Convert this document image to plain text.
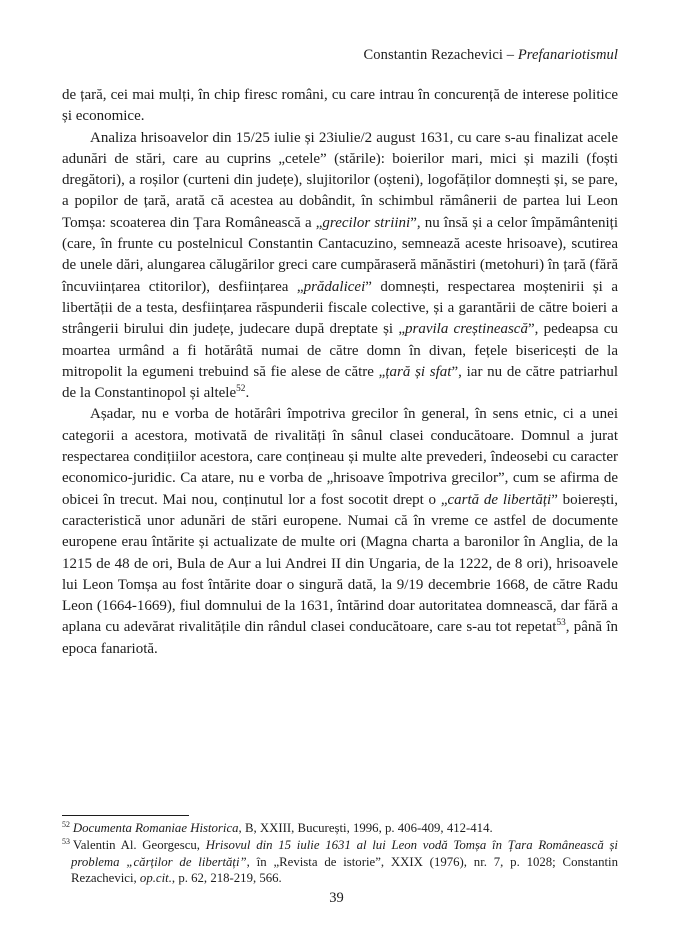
Constantin Rezachevici – Prefanariotismul

de țară, cei mai mulți, în chip firesc români, cu care intrau în concurență de interese politice și economice.

Analiza hrisoavelor din 15/25 iulie și 23iulie/2 august 1631, cu care s-au finalizat acele adunări de stări, care au cuprins „cetele” (stările): boierilor mari, mici și mazili (foști dregători), a roșilor (curteni din județe), slujitorilor (oșteni), logofăților domnești și, se pare, a popilor de țară, arată că acestea au dobândit, în schimbul rămânerii de partea lui Leon Tomșa: scoaterea din Țara Românească a „grecilor striini”, nu însă și a celor împământeniți (care, în frunte cu postelnicul Constantin Cantacuzino, semnează aceste hrisoave), scutirea de unele dări, alungarea călugărilor greci care cumpăraseră mănăstiri (metohuri) în țară (fără încuviințarea ctitorilor), desființarea „prădalicei” domnești, respectarea moștenirii și a libertății de a testa, desființarea răspunderii fiscale colective, și a garantării de către boieri a strângerii birului din județe, judecare după dreptate și „pravila creștinească”, pedeapsa cu moartea urmând a fi hotărâtă numai de către domn în divan, fețele bisericești de la mitropolit la egumeni trebuind să fie alese de către „țară și sfat”, iar nu de către patriarhul de la Constantinopol și altele$^{52}$.

Așadar, nu e vorba de hotărâri împotriva grecilor în general, în sens etnic, ci a unei categorii a acestora, motivată de rivalități în sânul clasei conducătoare. Domnul a jurat respectarea condițiilor acestora, care conțineau și multe alte prevederi, îndeosebi cu caracter economico-juridic. Ca atare, nu e vorba de „hrisoave împotriva grecilor”, cum se afirma de obicei în trecut. Mai nou, conținutul lor a fost socotit drept o „cartă de libertăți” boierești, caracteristică unor adunări de stări europene. Numai că în vreme ce astfel de documente europene erau întărite și actualizate de multe ori (Magna charta a baronilor în Anglia, de la 1215 de 48 de ori, Bula de Aur a lui Andrei II din Ungaria, de la 1222, de 8 ori), hrisoavele lui Leon Tomșa au fost întărite doar o singură dată, la 9/19 decembrie 1668, de către Radu Leon (1664-1669), fiul domnului de la 1631, întărind doar autoritatea domnească, dar fără a aplana cu adevărat rivalitățile din rândul clasei conducătoare, care s-au tot repetat$^{53}$, până în epoca fanariotă.

$^{52}$ Documenta Romaniae Historica, B, XXIII, București, 1996, p. 406-409, 412-414.

$^{53}$ Valentin Al. Georgescu, Hrisovul din 15 iulie 1631 al lui Leon vodă Tomșa în Țara Românească și problema „cărților de libertăți”, în „Revista de istorie”, XXIX (1976), nr. 7, p. 1028; Constantin Rezachevici, op.cit., p. 62, 218-219, 566.

39
